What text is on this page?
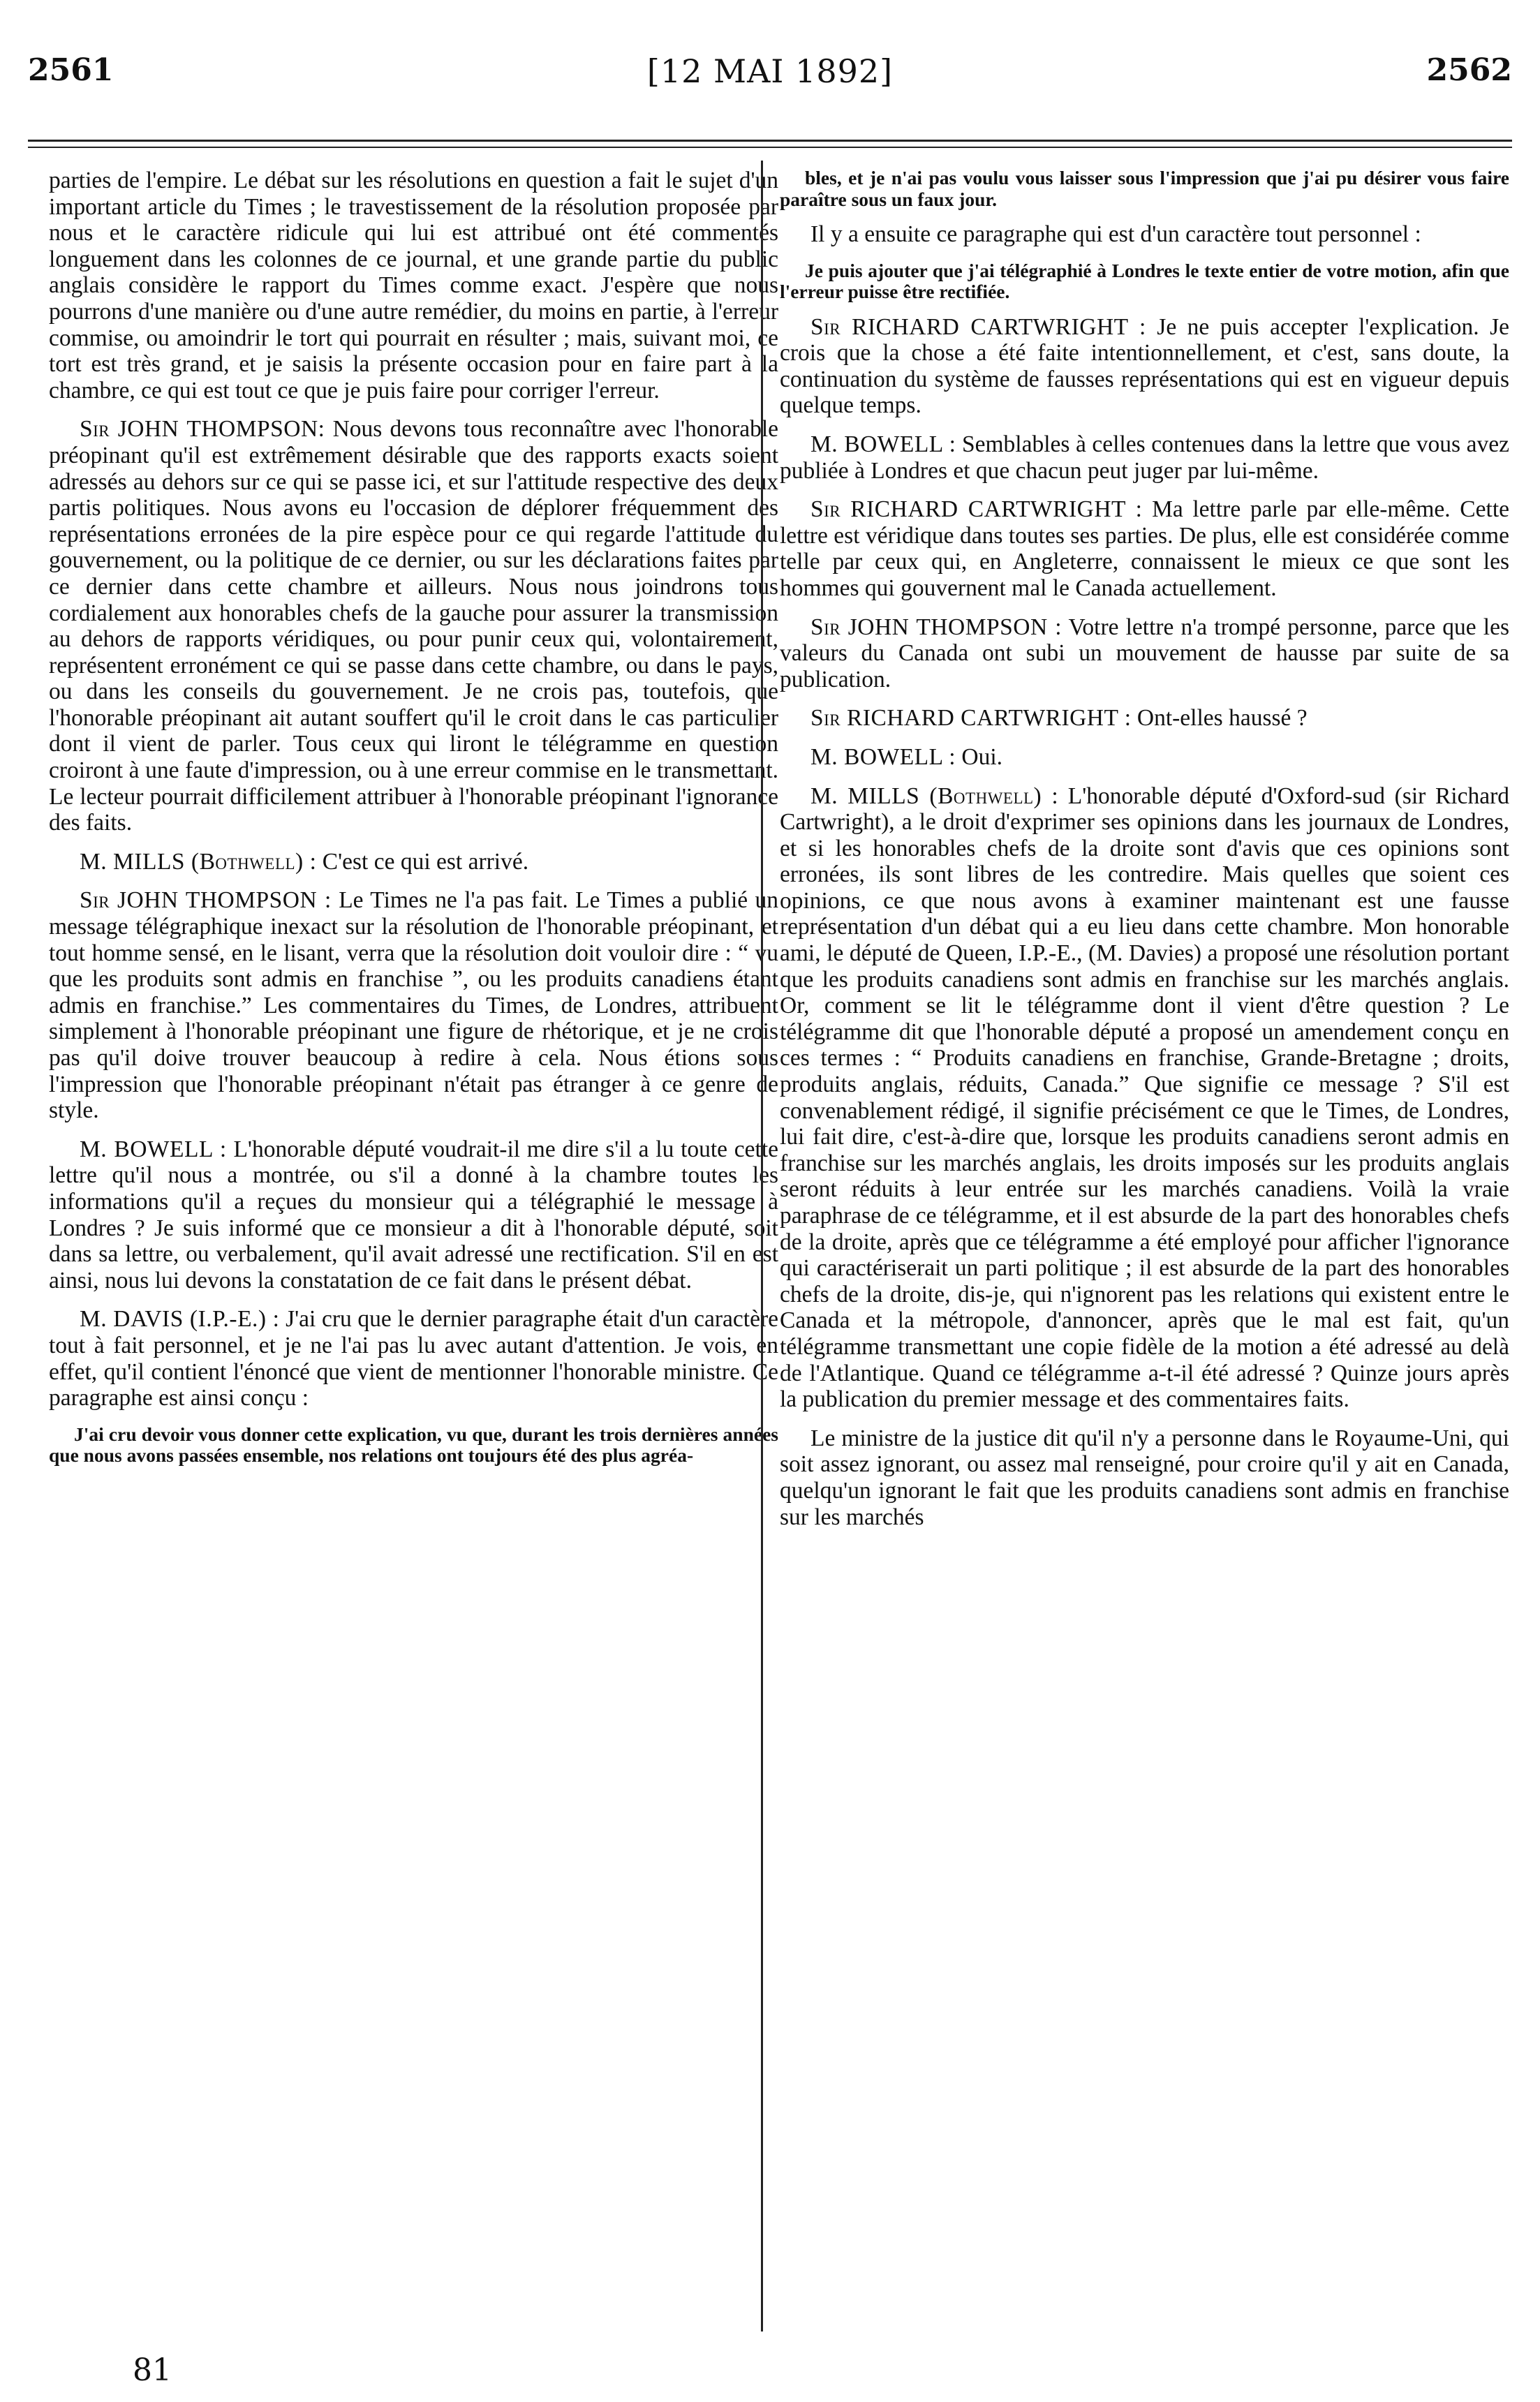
2561	[12 MAI 1892]	2562

parties de l'empire. Le débat sur les résolutions en question a fait le sujet d'un important article du Times ; le travestissement de la résolution proposée par nous et le caractère ridicule qui lui est attribué ont été commentés longuement dans les colonnes de ce journal, et une grande partie du public anglais considère le rapport du Times comme exact. J'espère que nous pourrons d'une manière ou d'une autre remédier, du moins en partie, à l'erreur commise, ou amoindrir le tort qui pourrait en résulter ; mais, suivant moi, ce tort est très grand, et je saisis la présente occasion pour en faire part à la chambre, ce qui est tout ce que je puis faire pour corriger l'erreur.

Sir JOHN THOMPSON: Nous devons tous reconnaître avec l'honorable préopinant qu'il est extrêmement désirable que des rapports exacts soient adressés au dehors sur ce qui se passe ici, et sur l'attitude respective des deux partis politiques. Nous avons eu l'occasion de déplorer fréquemment des représentations erronées de la pire espèce pour ce qui regarde l'attitude du gouvernement, ou la politique de ce dernier, ou sur les déclarations faites par ce dernier dans cette chambre et ailleurs. Nous nous joindrons tous cordialement aux honorables chefs de la gauche pour assurer la transmission au dehors de rapports véridiques, ou pour punir ceux qui, volontairement, représentent erronément ce qui se passe dans cette chambre, ou dans le pays, ou dans les conseils du gouvernement. Je ne crois pas, toutefois, que l'honorable préopinant ait autant souffert qu'il le croit dans le cas particulier dont il vient de parler. Tous ceux qui liront le télégramme en question croiront à une faute d'impression, ou à une erreur commise en le transmettant. Le lecteur pourrait difficilement attribuer à l'honorable préopinant l'ignorance des faits.

M. MILLS (Bothwell) : C'est ce qui est arrivé.

Sir JOHN THOMPSON : Le Times ne l'a pas fait. Le Times a publié un message télégraphique inexact sur la résolution de l'honorable préopinant, et tout homme sensé, en le lisant, verra que la résolution doit vouloir dire : “ vu que les produits sont admis en franchise ”, ou les produits canadiens étant admis en franchise.” Les commentaires du Times, de Londres, attribuent simplement à l'honorable préopinant une figure de rhétorique, et je ne crois pas qu'il doive trouver beaucoup à redire à cela. Nous étions sous l'impression que l'honorable préopinant n'était pas étranger à ce genre de style.

M. BOWELL : L'honorable député voudrait-il me dire s'il a lu toute cette lettre qu'il nous a montrée, ou s'il a donné à la chambre toutes les informations qu'il a reçues du monsieur qui a télégraphié le message à Londres ? Je suis informé que ce monsieur a dit à l'honorable député, soit dans sa lettre, ou verbalement, qu'il avait adressé une rectification. S'il en est ainsi, nous lui devons la constatation de ce fait dans le présent débat.

M. DAVIS (I.P.-E.) : J'ai cru que le dernier paragraphe était d'un caractère tout à fait personnel, et je ne l'ai pas lu avec autant d'attention. Je vois, en effet, qu'il contient l'énoncé que vient de mentionner l'honorable ministre. Ce paragraphe est ainsi conçu :

J'ai cru devoir vous donner cette explication, vu que, durant les trois dernières années que nous avons passées ensemble, nos relations ont toujours été des plus agréa-

bles, et je n'ai pas voulu vous laisser sous l'impression que j'ai pu désirer vous faire paraître sous un faux jour.

Il y a ensuite ce paragraphe qui est d'un caractère tout personnel :

Je puis ajouter que j'ai télégraphié à Londres le texte entier de votre motion, afin que l'erreur puisse être rectifiée.

Sir RICHARD CARTWRIGHT : Je ne puis accepter l'explication. Je crois que la chose a été faite intentionnellement, et c'est, sans doute, la continuation du système de fausses représentations qui est en vigueur depuis quelque temps.

M. BOWELL : Semblables à celles contenues dans la lettre que vous avez publiée à Londres et que chacun peut juger par lui-même.

Sir RICHARD CARTWRIGHT : Ma lettre parle par elle-même. Cette lettre est véridique dans toutes ses parties. De plus, elle est considérée comme telle par ceux qui, en Angleterre, connaissent le mieux ce que sont les hommes qui gouvernent mal le Canada actuellement.

Sir JOHN THOMPSON : Votre lettre n'a trompé personne, parce que les valeurs du Canada ont subi un mouvement de hausse par suite de sa publication.

Sir RICHARD CARTWRIGHT : Ont-elles haussé ?

M. BOWELL : Oui.

M. MILLS (Bothwell) : L'honorable député d'Oxford-sud (sir Richard Cartwright), a le droit d'exprimer ses opinions dans les journaux de Londres, et si les honorables chefs de la droite sont d'avis que ces opinions sont erronées, ils sont libres de les contredire. Mais quelles que soient ces opinions, ce que nous avons à examiner maintenant est une fausse représentation d'un débat qui a eu lieu dans cette chambre. Mon honorable ami, le député de Queen, I.P.-E., (M. Davies) a proposé une résolution portant que les produits canadiens sont admis en franchise sur les marchés anglais. Or, comment se lit le télégramme dont il vient d'être question ? Le télégramme dit que l'honorable député a proposé un amendement conçu en ces termes : “ Produits canadiens en franchise, Grande-Bretagne ; droits, produits anglais, réduits, Canada.” Que signifie ce message ? S'il est convenablement rédigé, il signifie précisément ce que le Times, de Londres, lui fait dire, c'est-à-dire que, lorsque les produits canadiens seront admis en franchise sur les marchés anglais, les droits imposés sur les produits anglais seront réduits à leur entrée sur les marchés canadiens. Voilà la vraie paraphrase de ce télégramme, et il est absurde de la part des honorables chefs de la droite, après que ce télégramme a été employé pour afficher l'ignorance qui caractériserait un parti politique ; il est absurde de la part des honorables chefs de la droite, dis-je, qui n'ignorent pas les relations qui existent entre le Canada et la métropole, d'annoncer, après que le mal est fait, qu'un télégramme transmettant une copie fidèle de la motion a été adressé au delà de l'Atlantique. Quand ce télégramme a-t-il été adressé ? Quinze jours après la publication du premier message et des commentaires faits.

Le ministre de la justice dit qu'il n'y a personne dans le Royaume-Uni, qui soit assez ignorant, ou assez mal renseigné, pour croire qu'il y ait en Canada, quelqu'un ignorant le fait que les produits canadiens sont admis en franchise sur les marchés

81
